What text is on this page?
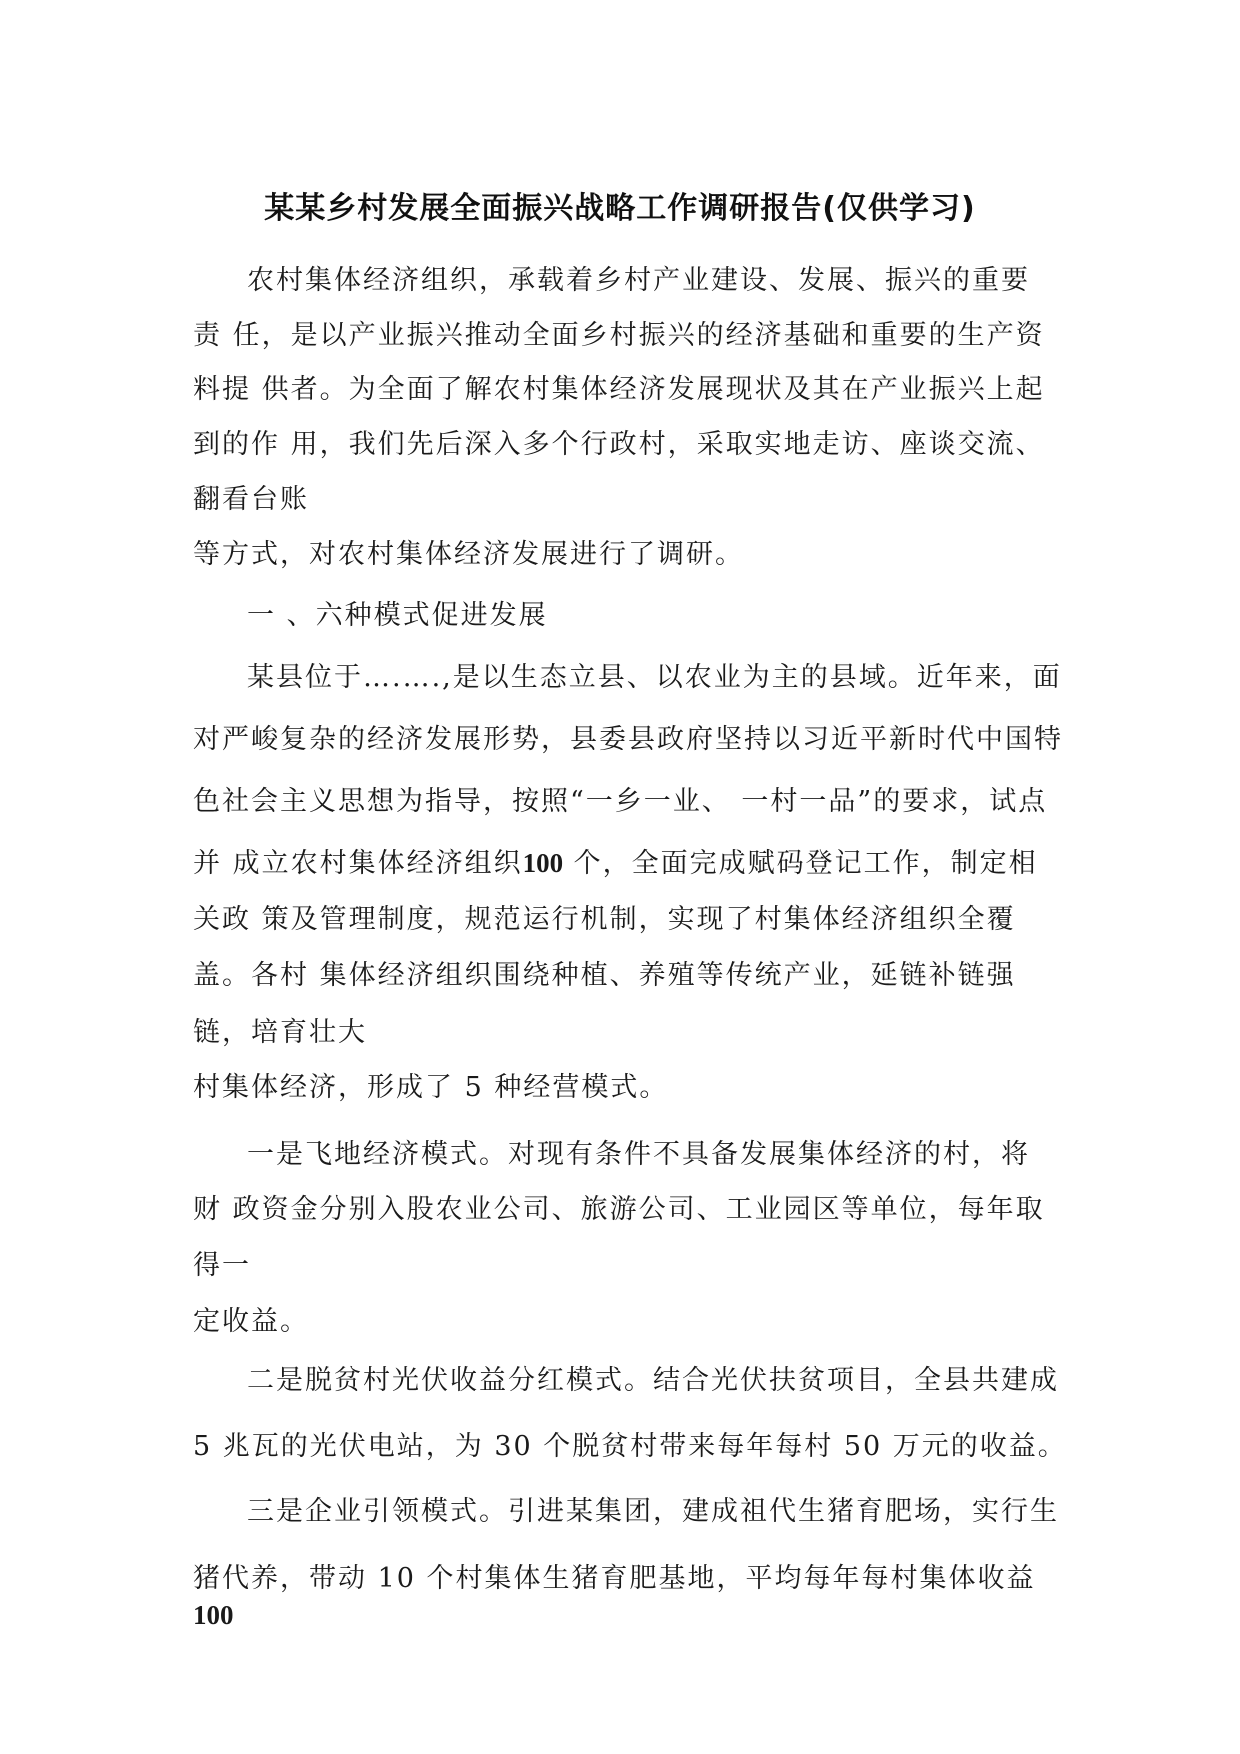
某某乡村发展全面振兴战略工作调研报告(仅供学习)
农村集体经济组织，承载着乡村产业建设、发展、振兴的重要
责 任，是以产业振兴推动全面乡村振兴的经济基础和重要的生产资
料提 供者。为全面了解农村集体经济发展现状及其在产业振兴上起
到的作 用，我们先后深入多个行政村，采取实地走访、座谈交流、
翻看台账
等方式，对农村集体经济发展进行了调研。
一 、六种模式促进发展
某县位于….….,是以生态立县、以农业为主的县域。近年来，面
对严峻复杂的经济发展形势，县委县政府坚持以习近平新时代中国特
色社会主义思想为指导，按照“一乡一业、 一村一品”的要求，试点
并 成立农村集体经济组织100 个，全面完成赋码登记工作，制定相
关政 策及管理制度，规范运行机制，实现了村集体经济组织全覆
盖。各村 集体经济组织围绕种植、养殖等传统产业，延链补链强
链，培育壮大
村集体经济，形成了 5 种经营模式。
一是飞地经济模式。对现有条件不具备发展集体经济的村，将
财 政资金分别入股农业公司、旅游公司、工业园区等单位，每年取
得一
定收益。
二是脱贫村光伏收益分红模式。结合光伏扶贫项目，全县共建成
5 兆瓦的光伏电站，为 30 个脱贫村带来每年每村 50 万元的收益。
三是企业引领模式。引进某集团，建成祖代生猪育肥场，实行生
猪代养，带动 10 个村集体生猪育肥基地，平均每年每村集体收益
100
